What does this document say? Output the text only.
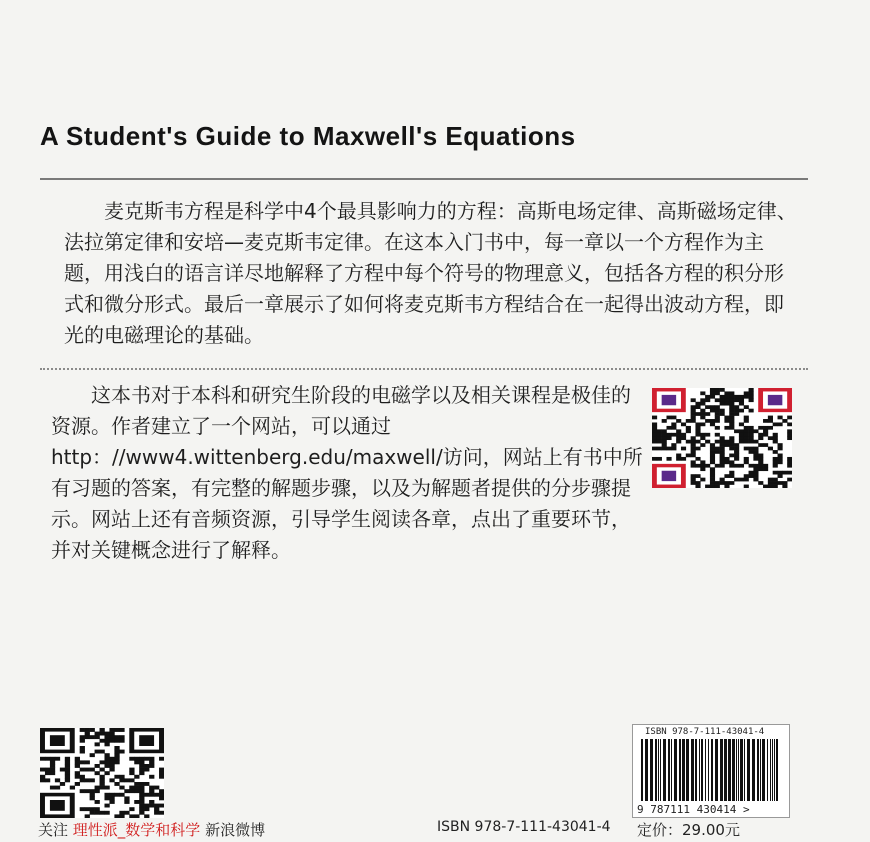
A Student's Guide to Maxwell's Equations
麦克斯韦方程是科学中4个最具影响力的方程：高斯电场定律、高斯磁场定律、法拉第定律和安培—麦克斯韦定律。在这本入门书中，每一章以一个方程作为主题，用浅白的语言详尽地解释了方程中每个符号的物理意义，包括各方程的积分形式和微分形式。最后一章展示了如何将麦克斯韦方程结合在一起得出波动方程，即光的电磁理论的基础。
这本书对于本科和研究生阶段的电磁学以及相关课程是极佳的资源。作者建立了一个网站，可以通过http：//www4.wittenberg.edu/maxwell/访问，网站上有书中所有习题的答案，有完整的解题步骤，以及为解题者提供的分步骤提示。网站上还有音频资源，引导学生阅读各章，点出了重要环节，并对关键概念进行了解释。
ISBN 978-7-111-43041-4
9 787111 430414 >
关注 理性派_数学和科学 新浪微博	ISBN 978-7-111-43041-4 定价：29.00元
